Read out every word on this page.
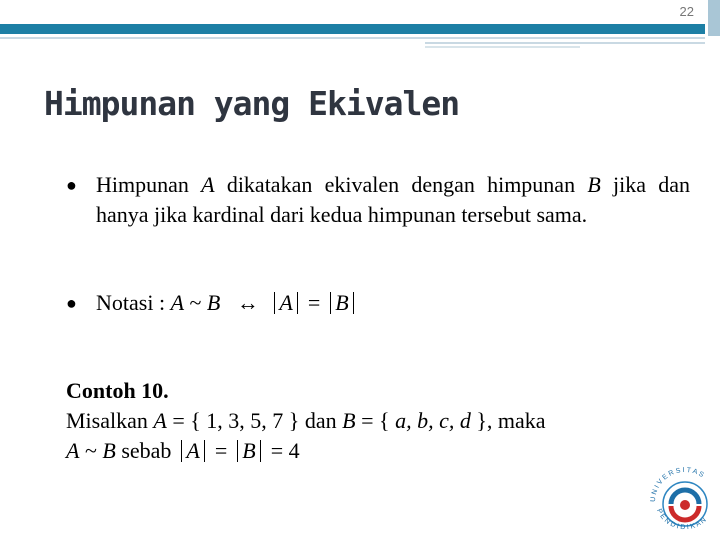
22
Himpunan yang Ekivalen
● Himpunan A dikatakan ekivalen dengan himpunan B jika dan hanya jika kardinal dari kedua himpunan tersebut sama.
● Notasi : A ~ B ↔ A = B
Contoh 10.
Misalkan A = { 1, 3, 5, 7 } dan B = { a, b, c, d }, maka
A ~ B sebab A = B = 4
U N I V E R S I T A S
P E N D I D I K A N
